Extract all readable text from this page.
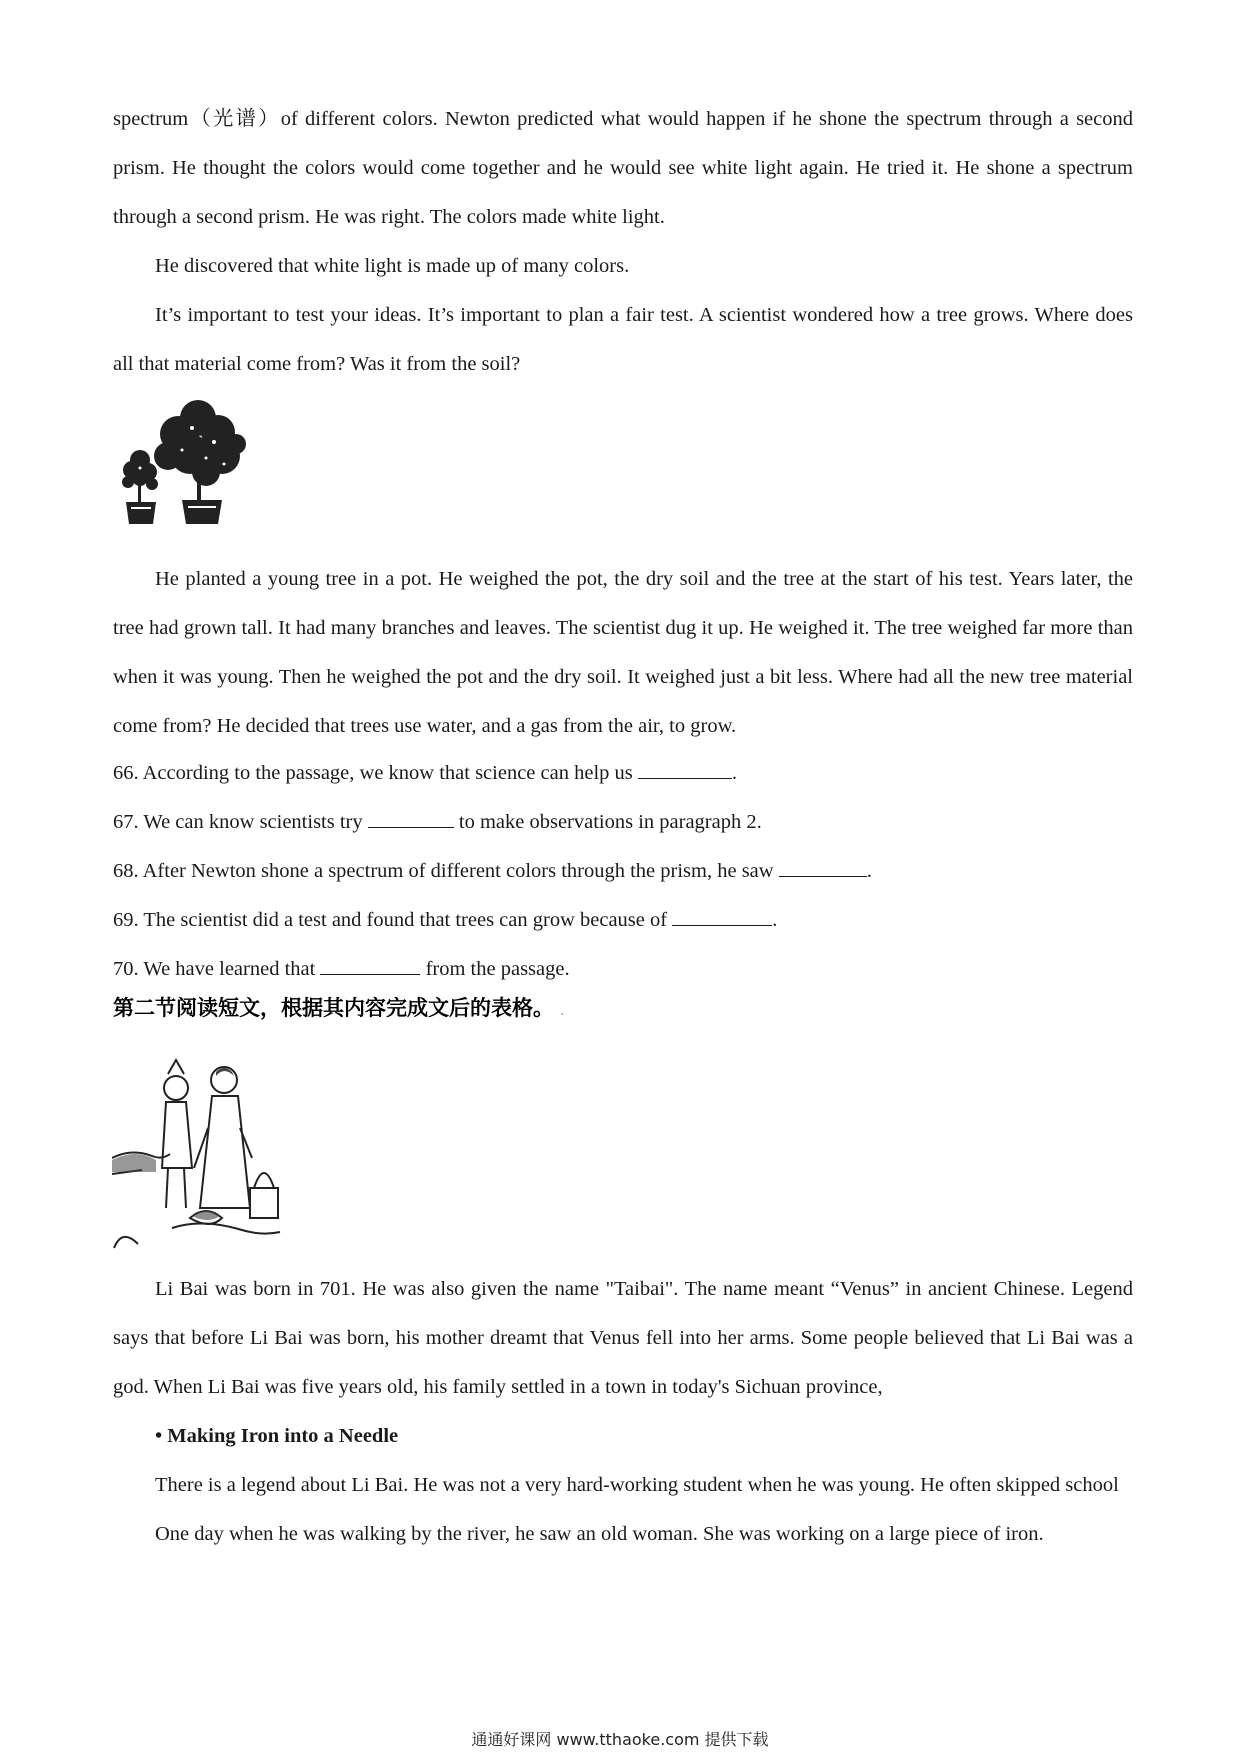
spectrum（光谱）of different colors. Newton predicted what would happen if he shone the spectrum through a second prism. He thought the colors would come together and he would see white light again. He tried it. He shone a spectrum through a second prism. He was right. The colors made white light.

He discovered that white light is made up of many colors.

It’s important to test your ideas. It’s important to plan a fair test. A scientist wondered how a tree grows. Where does all that material come from? Was it from the soil?

He planted a young tree in a pot. He weighed the pot, the dry soil and the tree at the start of his test. Years later, the tree had grown tall. It had many branches and leaves. The scientist dug it up. He weighed it. The tree weighed far more than when it was young. Then he weighed the pot and the dry soil. It weighed just a bit less. Where had all the new tree material come from? He decided that trees use water, and a gas from the air, to grow.

66. According to the passage, we know that science can help us	.

67. We can know scientists try	to make observations in paragraph 2.

68. After Newton shone a spectrum of different colors through the prism, he saw	.

69. The scientist did a test and found that trees can grow because of	.

70. We have learned that	from the passage.

第二节阅读短文，根据其内容完成文后的表格。 .

Li Bai was born in 701. He was also given the name "Taibai". The name meant “Venus” in ancient Chinese. Legend says that before Li Bai was born, his mother dreamt that Venus fell into her arms. Some people believed that Li Bai was a god. When Li Bai was five years old, his family settled in a town in today's Sichuan province,

• Making Iron into a Needle

There is a legend about Li Bai. He was not a very hard-working student when he was young. He often skipped school

One day when he was walking by the river, he saw an old woman. She was working on a large piece of iron.

通通好课网 www.tthaoke.com 提供下载
